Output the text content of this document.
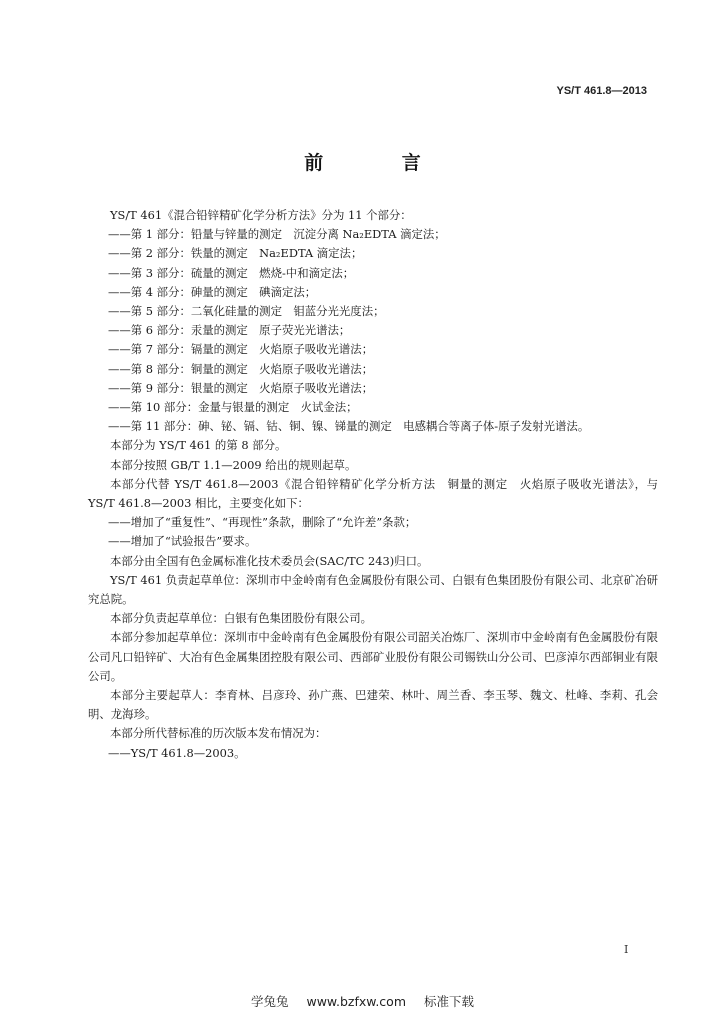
YS/T 461.8—2013
前 言
YS/T 461《混合铅锌精矿化学分析方法》分为 11 个部分：
——第 1 部分：铅量与锌量的测定　沉淀分离 Na₂EDTA 滴定法；
——第 2 部分：铁量的测定　Na₂EDTA 滴定法；
——第 3 部分：硫量的测定　燃烧-中和滴定法；
——第 4 部分：砷量的测定　碘滴定法；
——第 5 部分：二氧化硅量的测定　钼蓝分光光度法；
——第 6 部分：汞量的测定　原子荧光光谱法；
——第 7 部分：镉量的测定　火焰原子吸收光谱法；
——第 8 部分：铜量的测定　火焰原子吸收光谱法；
——第 9 部分：银量的测定　火焰原子吸收光谱法；
——第 10 部分：金量与银量的测定　火试金法；
——第 11 部分：砷、铋、镉、钴、铜、镍、锑量的测定　电感耦合等离子体-原子发射光谱法。
本部分为 YS/T 461 的第 8 部分。
本部分按照 GB/T 1.1—2009 给出的规则起草。
本部分代替 YS/T 461.8—2003《混合铅锌精矿化学分析方法　铜量的测定　火焰原子吸收光谱法》，与 YS/T 461.8—2003 相比，主要变化如下：
——增加了“重复性”、“再现性”条款，删除了“允许差”条款；
——增加了“试验报告”要求。
本部分由全国有色金属标准化技术委员会(SAC/TC 243)归口。
YS/T 461 负责起草单位：深圳市中金岭南有色金属股份有限公司、白银有色集团股份有限公司、北京矿冶研究总院。
本部分负责起草单位：白银有色集团股份有限公司。
本部分参加起草单位：深圳市中金岭南有色金属股份有限公司韶关冶炼厂、深圳市中金岭南有色金属股份有限公司凡口铅锌矿、大冶有色金属集团控股有限公司、西部矿业股份有限公司锡铁山分公司、巴彦淖尔西部铜业有限公司。
本部分主要起草人：李育林、吕彦玲、孙广燕、巴建荣、林叶、周兰香、李玉琴、魏文、杜峰、李莉、孔会明、龙海珍。
本部分所代替标准的历次版本发布情况为：
——YS/T 461.8—2003。
I
学兔兔 www.bzfxw.com 标准下载
